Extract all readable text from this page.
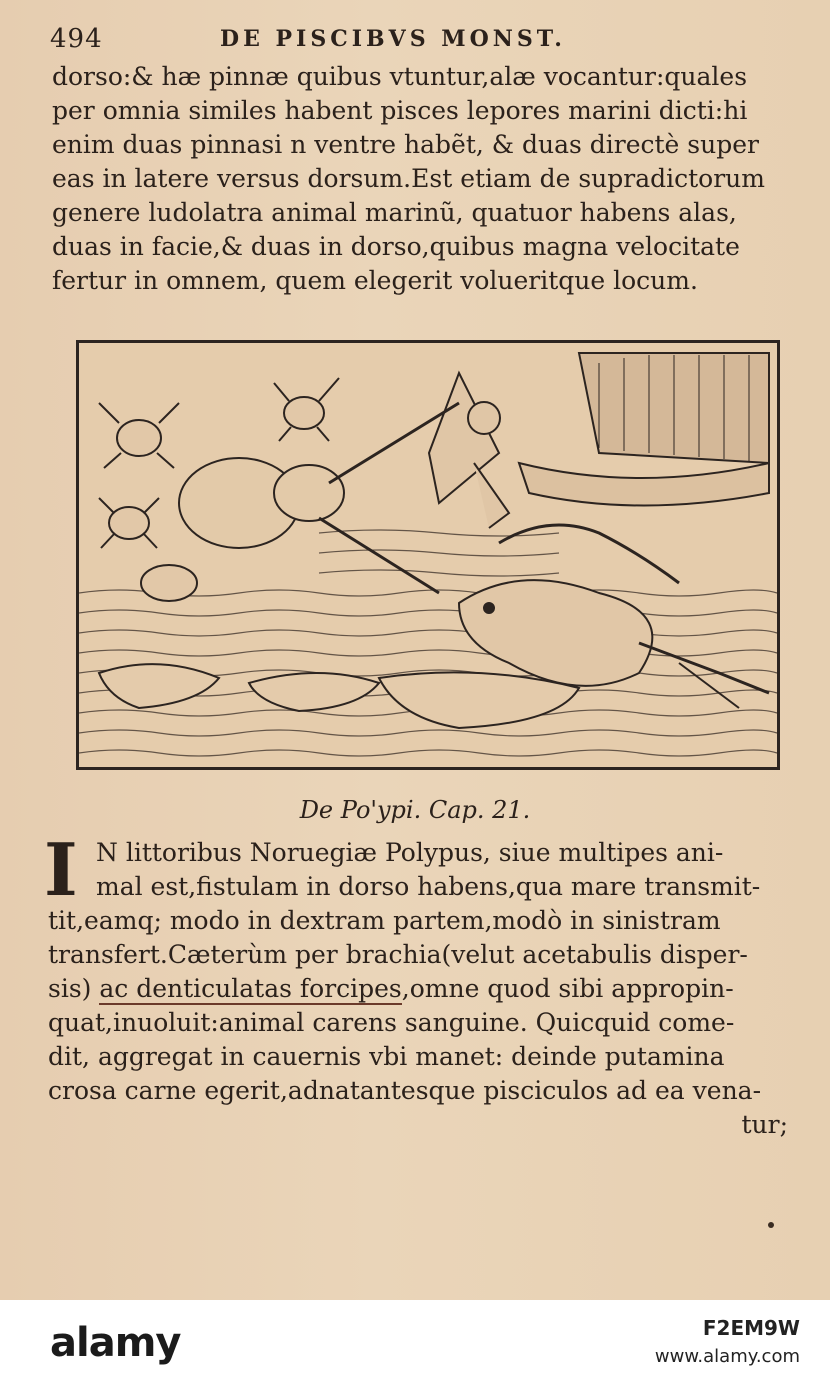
494	DE PISCIBVS MONST.
dorso:& hæ pinnæ quibus vtuntur,alæ vocantur:quales
per omnia similes habent pisces lepores marini dicti:hi
enim duas pinnasi n ventre habẽt, & duas directè super
eas in latere versus dorsum.Est etiam de supradictorum
genere ludolatra animal marinũ, quatuor habens alas,
duas in facie,& duas in dorso,quibus magna velocitate
fertur in omnem, quem elegerit volueritque locum.
De Po'ypi. Cap. 21.
I N littoribus Noruegiæ Polypus, siue multipes ani-
mal est,fistulam in dorso habens,qua mare transmit-
tit,eamq; modo in dextram partem,modò in sinistram
transfert.Cæterùm per brachia(velut acetabulis disper-
sis) ac denticulatas forcipes,omne quod sibi appropin-
quat,inuoluit:animal carens sanguine. Quicquid come-
dit, aggregat in cauernis vbi manet: deinde putamina
crosa carne egerit,adnatantesque pisciculos ad ea vena-
tur;
alamy	F2EM9W
www.alamy.com
